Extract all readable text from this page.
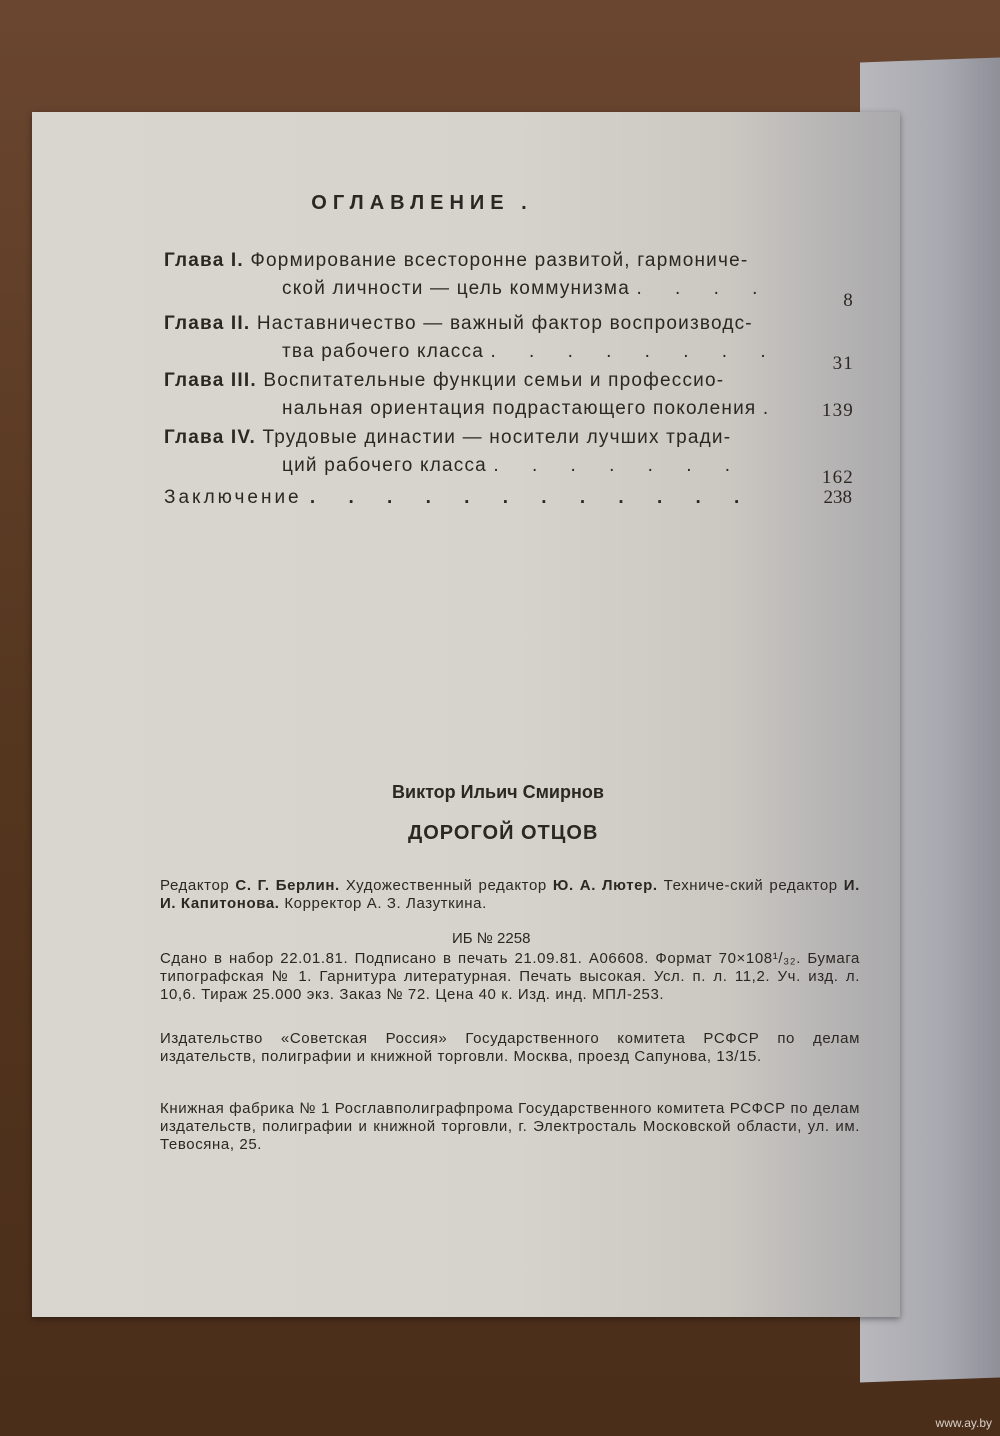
ОГЛАВЛЕНИЕ .
Глава I. Формирование всесторонне развитой, гармониче-
ской личности — цель коммунизма . . . .
8
Глава II. Наставничество — важный фактор воспроизводс-
тва рабочего класса . . . . . . . .
31
Глава III. Воспитательные функции семьи и профессио-
нальная ориентация подрастающего поколения .	139
Глава IV. Трудовые династии — носители лучших тради-
ций рабочего класса . . . . . . .
162
Заключение . . . . . . . . . . . .	238
Виктор Ильич Смирнов
ДОРОГОЙ ОТЦОВ
Редактор С. Г. Берлин. Художественный редактор Ю. А. Лютер. Техниче-ский редактор И. И. Капитонова. Корректор А. З. Лазуткина.
ИБ № 2258
Сдано в набор 22.01.81. Подписано в печать 21.09.81. А06608. Формат 70×108¹/₃₂. Бумага типографская № 1. Гарнитура литературная. Печать высокая. Усл. п. л. 11,2. Уч. изд. л. 10,6. Тираж 25.000 экз. Заказ № 72. Цена 40 к. Изд. инд. МПЛ-253.
Издательство «Советская Россия» Государственного комитета РСФСР по делам издательств, полиграфии и книжной торговли. Москва, проезд Сапунова, 13/15.
Книжная фабрика № 1 Росглавполиграфпрома Государственного комитета РСФСР по делам издательств, полиграфии и книжной торговли, г. Электросталь Московской области, ул. им. Тевосяна, 25.
www.ay.by
